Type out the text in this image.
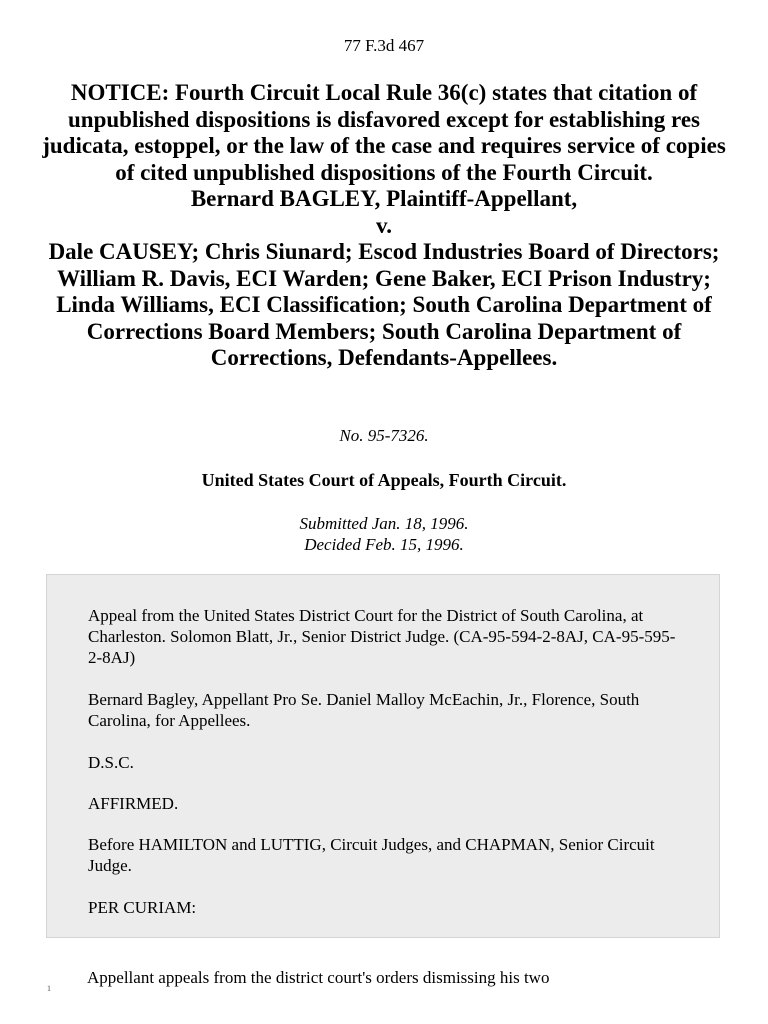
77 F.3d 467
NOTICE: Fourth Circuit Local Rule 36(c) states that citation of unpublished dispositions is disfavored except for establishing res judicata, estoppel, or the law of the case and requires service of copies of cited unpublished dispositions of the Fourth Circuit.
Bernard BAGLEY, Plaintiff-Appellant,
v.
Dale CAUSEY; Chris Siunard; Escod Industries Board of Directors; William R. Davis, ECI Warden; Gene Baker, ECI Prison Industry; Linda Williams, ECI Classification; South Carolina Department of Corrections Board Members; South Carolina Department of Corrections, Defendants-Appellees.
No. 95-7326.
United States Court of Appeals, Fourth Circuit.
Submitted Jan. 18, 1996.
Decided Feb. 15, 1996.

Appeal from the United States District Court for the District of South Carolina, at Charleston. Solomon Blatt, Jr., Senior District Judge. (CA-95-594-2-8AJ, CA-95-595-2-8AJ)

Bernard Bagley, Appellant Pro Se. Daniel Malloy McEachin, Jr., Florence, South Carolina, for Appellees.

D.S.C.

AFFIRMED.

Before HAMILTON and LUTTIG, Circuit Judges, and CHAPMAN, Senior Circuit Judge.

PER CURIAM:

1

Appellant appeals from the district court's orders dismissing his two
